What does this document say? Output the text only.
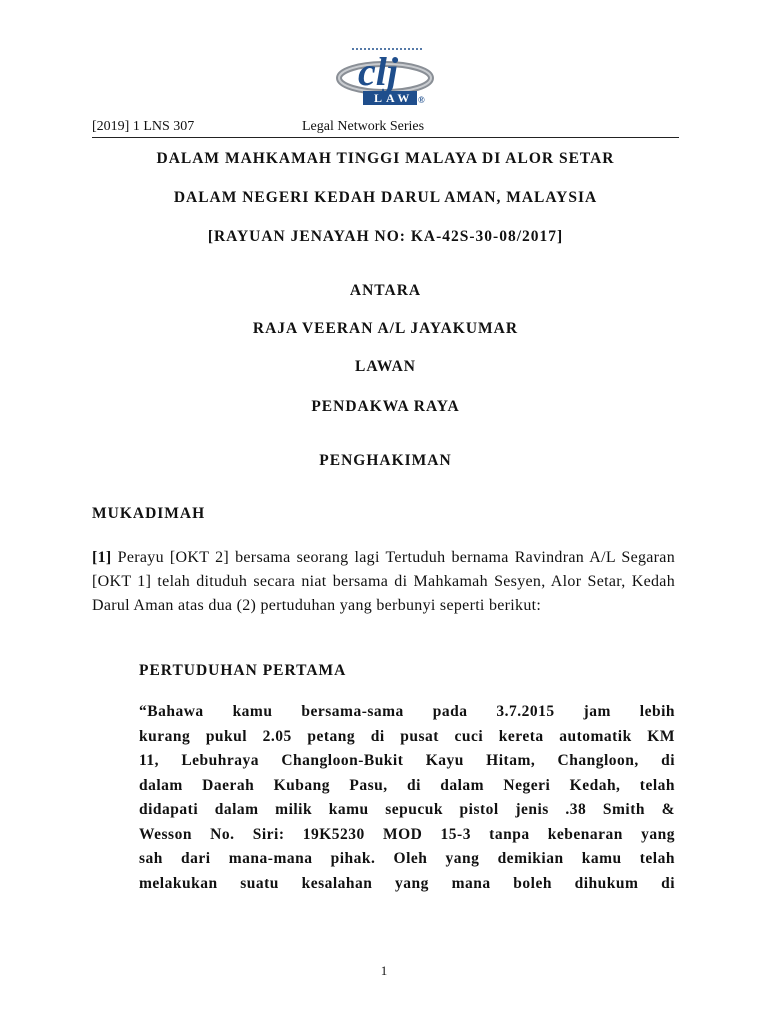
clj
LAW ®
[2019] 1 LNS 307	Legal Network Series
DALAM MAHKAMAH TINGGI MALAYA DI ALOR SETAR
DALAM NEGERI KEDAH DARUL AMAN, MALAYSIA
[RAYUAN JENAYAH NO: KA-42S-30-08/2017]
ANTARA
RAJA VEERAN A/L JAYAKUMAR
LAWAN
PENDAKWA RAYA
PENGHAKIMAN
MUKADIMAH
[1] Perayu [OKT 2] bersama seorang lagi Tertuduh bernama Ravindran A/L Segaran [OKT 1] telah dituduh secara niat bersama di Mahkamah Sesyen, Alor Setar, Kedah Darul Aman atas dua (2) pertuduhan yang berbunyi seperti berikut:
PERTUDUHAN PERTAMA
“Bahawa kamu bersama-sama pada 3.7.2015 jam lebih
kurang pukul 2.05 petang di pusat cuci kereta automatik KM
11, Lebuhraya Changloon-Bukit Kayu Hitam, Changloon, di
dalam Daerah Kubang Pasu, di dalam Negeri Kedah, telah
didapati dalam milik kamu sepucuk pistol jenis .38 Smith &
Wesson No. Siri: 19K5230 MOD 15-3 tanpa kebenaran yang
sah dari mana-mana pihak. Oleh yang demikian kamu telah
melakukan suatu kesalahan yang mana boleh dihukum di
1
